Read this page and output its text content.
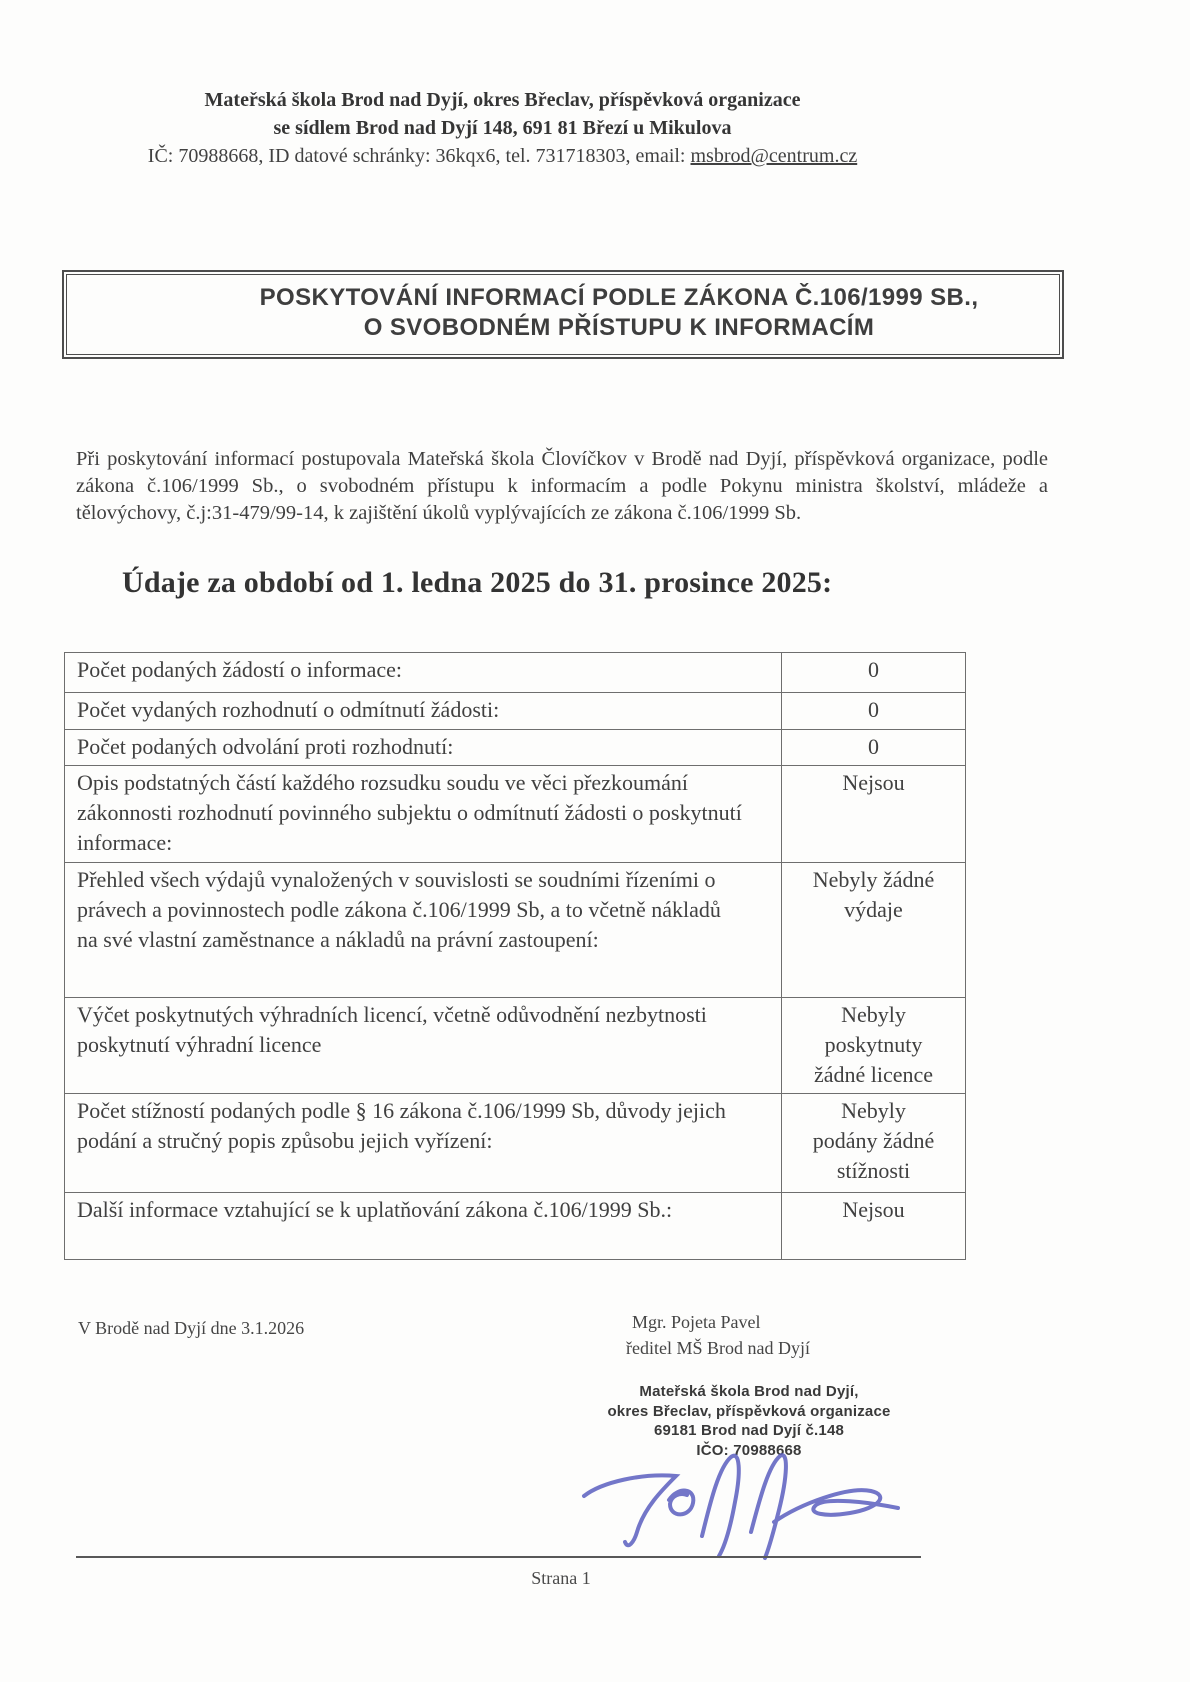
Mateřská škola Brod nad Dyjí, okres Břeclav, příspěvková organizace
se sídlem Brod nad Dyjí 148, 691 81 Březí u Mikulova
IČ: 70988668, ID datové schránky: 36kqx6, tel. 731718303, email: msbrod@centrum.cz
POSKYTOVÁNÍ INFORMACÍ PODLE ZÁKONA Č.106/1999 SB.,
O SVOBODNÉM PŘÍSTUPU K INFORMACÍM
Při poskytování informací postupovala Mateřská škola Človíčkov v Brodě nad Dyjí, příspěvková organizace, podle zákona č.106/1999 Sb., o svobodném přístupu k informacím a podle Pokynu ministra školství, mládeže a tělovýchovy, č.j:31-479/99-14, k zajištění úkolů vyplývajících ze zákona č.106/1999 Sb.
Údaje za období od 1. ledna 2025 do 31. prosince 2025:
Počet podaných žádostí o informace:	0
Počet vydaných rozhodnutí o odmítnutí žádosti:	0
Počet podaných odvolání proti rozhodnutí:	0
Opis podstatných částí každého rozsudku soudu ve věci přezkoumání zákonnosti rozhodnutí povinného subjektu o odmítnutí žádosti o poskytnutí informace:	Nejsou
Přehled všech výdajů vynaložených v souvislosti se soudními řízeními o právech a povinnostech podle zákona č.106/1999 Sb, a to včetně nákladů na své vlastní zaměstnance a nákladů na právní zastoupení:	Nebyly žádné výdaje
Výčet poskytnutých výhradních licencí, včetně odůvodnění nezbytnosti poskytnutí výhradní licence	Nebyly poskytnuty žádné licence
Počet stížností podaných podle § 16 zákona č.106/1999 Sb, důvody jejich podání a stručný popis způsobu jejich vyřízení:	Nebyly podány žádné stížnosti
Další informace vztahující se k uplatňování zákona č.106/1999 Sb.:	Nejsou
V Brodě nad Dyjí dne 3.1.2026	Mgr. Pojeta Pavel
ředitel MŠ Brod nad Dyjí
Mateřská škola Brod nad Dyjí,
okres Břeclav, příspěvková organizace
69181 Brod nad Dyjí č.148
IČO: 70988668
Strana 1
